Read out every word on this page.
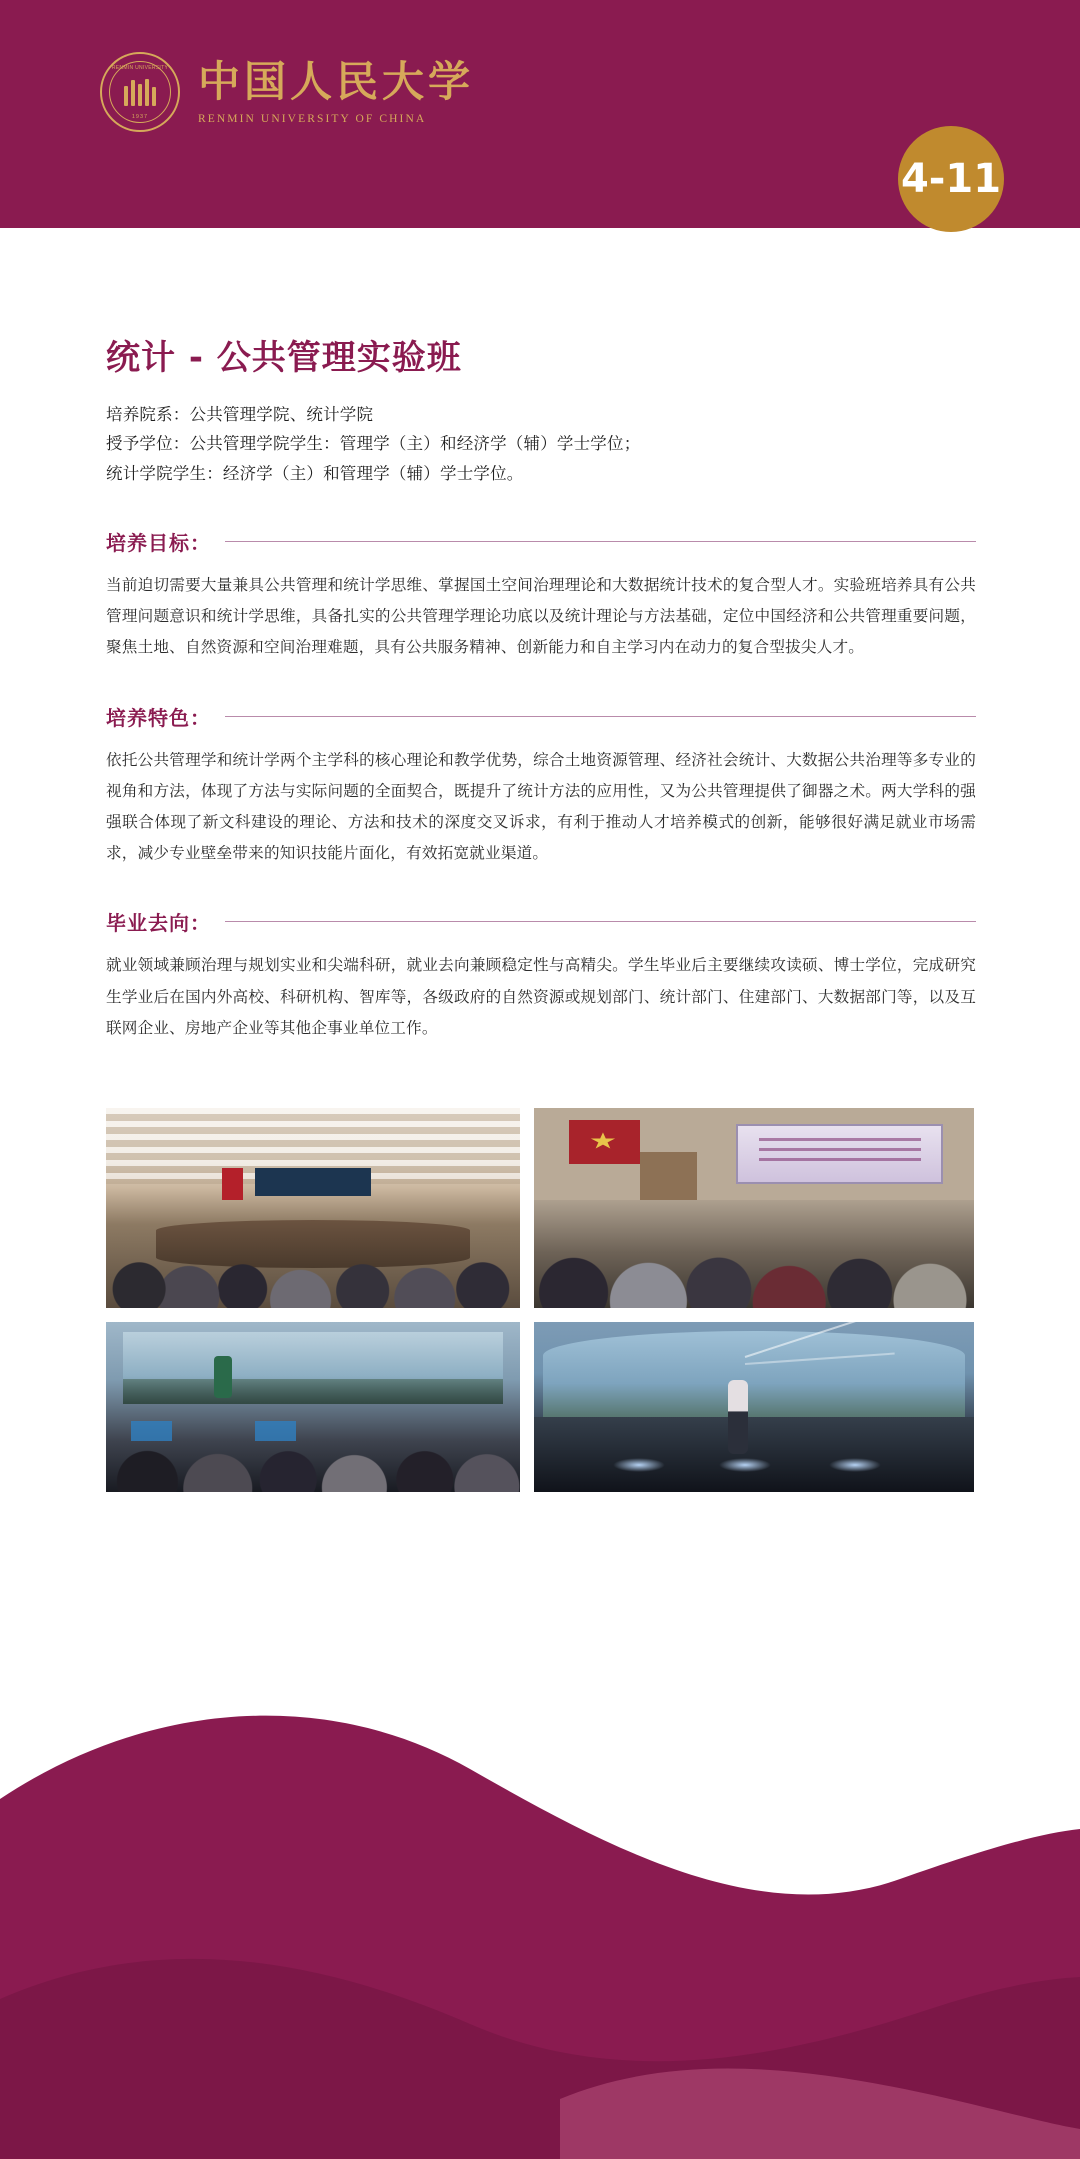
RENMIN UNIVERSITY
1937
中国人民大学
RENMIN UNIVERSITY OF CHINA
4-11
统计 - 公共管理实验班
培养院系：公共管理学院、统计学院
授予学位：公共管理学院学生：管理学（主）和经济学（辅）学士学位；
统计学院学生：经济学（主）和管理学（辅）学士学位。
培养目标：
当前迫切需要大量兼具公共管理和统计学思维、掌握国土空间治理理论和大数据统计技术的复合型人才。实验班培养具有公共管理问题意识和统计学思维，具备扎实的公共管理学理论功底以及统计理论与方法基础，定位中国经济和公共管理重要问题，聚焦土地、自然资源和空间治理难题，具有公共服务精神、创新能力和自主学习内在动力的复合型拔尖人才。
培养特色：
依托公共管理学和统计学两个主学科的核心理论和教学优势，综合土地资源管理、经济社会统计、大数据公共治理等多专业的视角和方法，体现了方法与实际问题的全面契合，既提升了统计方法的应用性，又为公共管理提供了御器之术。两大学科的强强联合体现了新文科建设的理论、方法和技术的深度交叉诉求，有利于推动人才培养模式的创新，能够很好满足就业市场需求，减少专业壁垒带来的知识技能片面化，有效拓宽就业渠道。
毕业去向：
就业领域兼顾治理与规划实业和尖端科研，就业去向兼顾稳定性与高精尖。学生毕业后主要继续攻读硕、博士学位，完成研究生学业后在国内外高校、科研机构、智库等，各级政府的自然资源或规划部门、统计部门、住建部门、大数据部门等，以及互联网企业、房地产企业等其他企事业单位工作。
